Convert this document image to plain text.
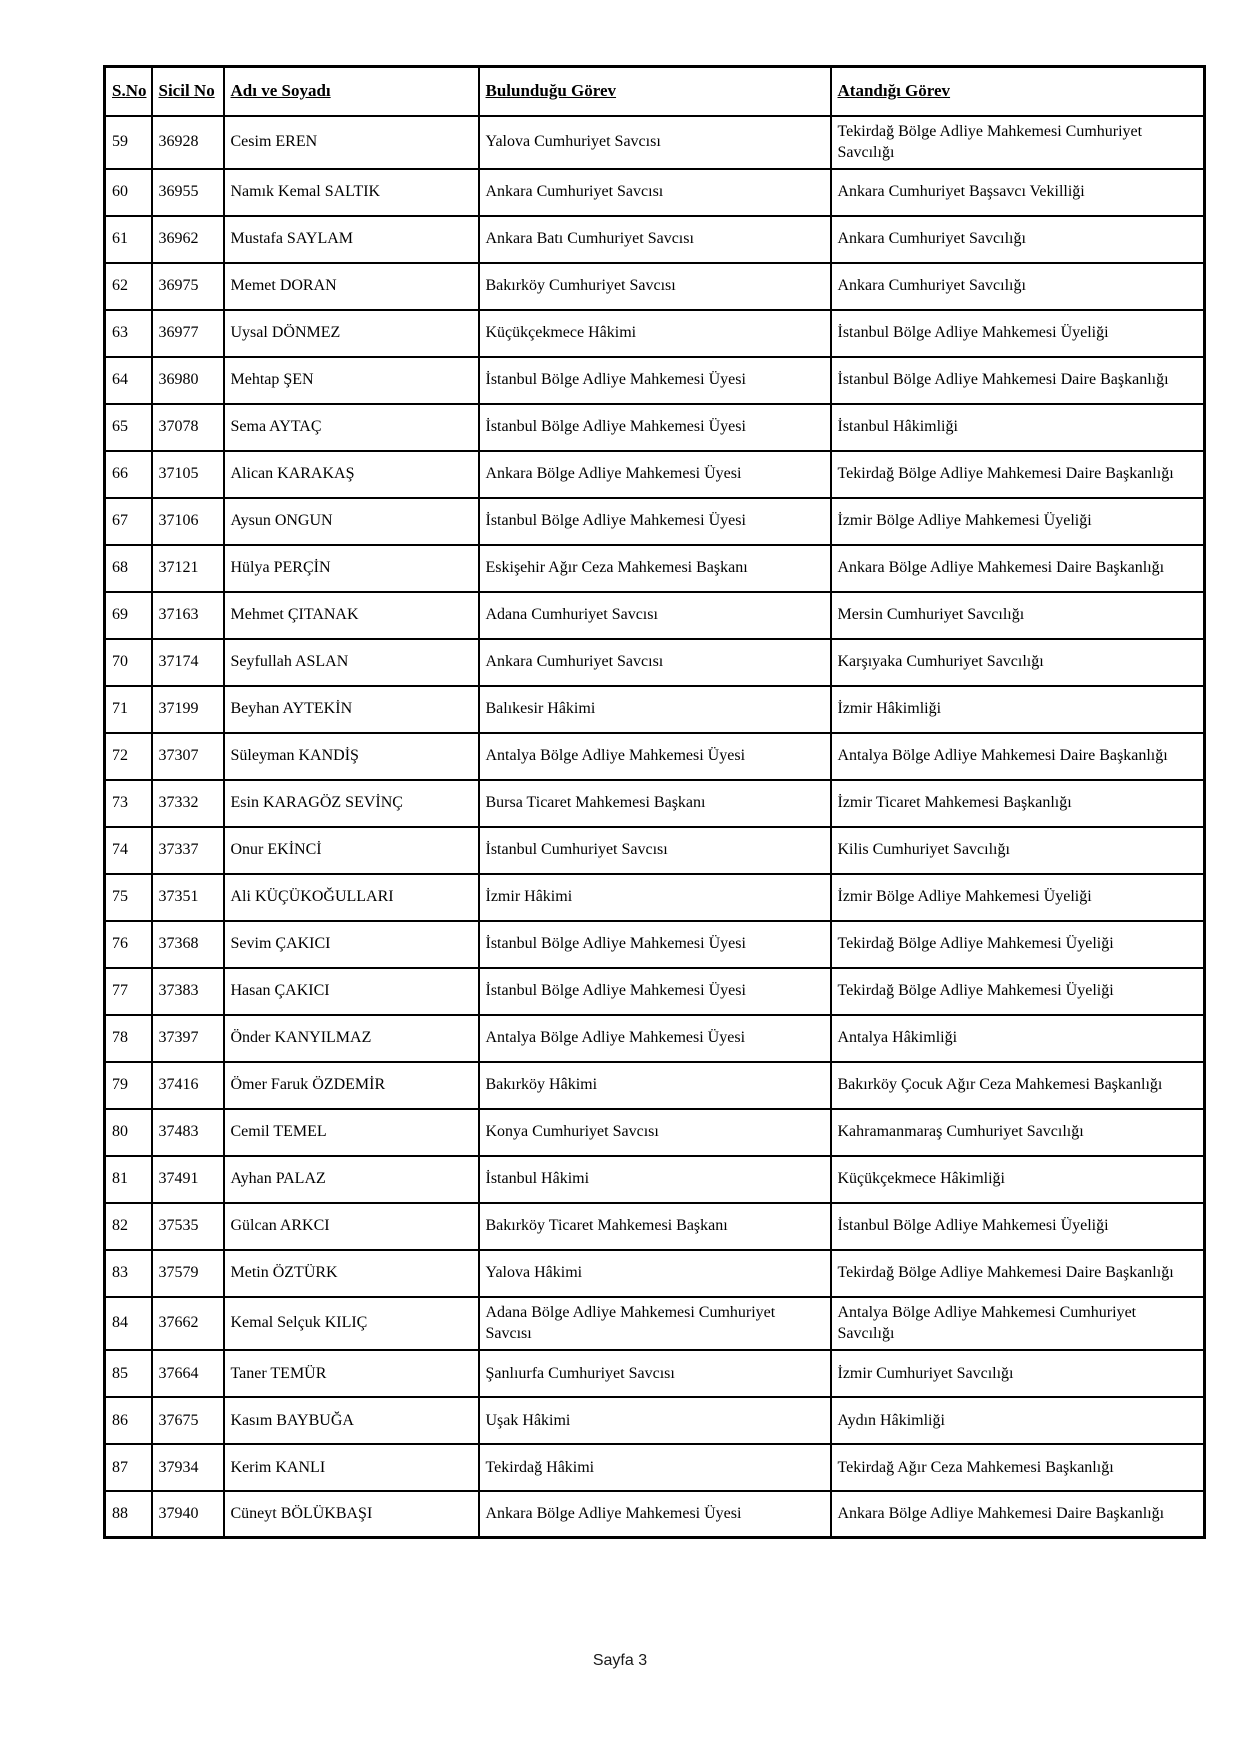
S.No	Sicil No	Adı ve Soyadı	Bulunduğu Görev	Atandığı Görev
59	36928	Cesim EREN	Yalova Cumhuriyet Savcısı	Tekirdağ Bölge Adliye Mahkemesi Cumhuriyet Savcılığı
60	36955	Namık Kemal SALTIK	Ankara Cumhuriyet Savcısı	Ankara Cumhuriyet Başsavcı Vekilliği
61	36962	Mustafa SAYLAM	Ankara Batı Cumhuriyet Savcısı	Ankara Cumhuriyet Savcılığı
62	36975	Memet DORAN	Bakırköy Cumhuriyet Savcısı	Ankara Cumhuriyet Savcılığı
63	36977	Uysal DÖNMEZ	Küçükçekmece Hâkimi	İstanbul Bölge Adliye Mahkemesi Üyeliği
64	36980	Mehtap ŞEN	İstanbul Bölge Adliye Mahkemesi Üyesi	İstanbul Bölge Adliye Mahkemesi Daire Başkanlığı
65	37078	Sema AYTAÇ	İstanbul Bölge Adliye Mahkemesi Üyesi	İstanbul Hâkimliği
66	37105	Alican KARAKAŞ	Ankara Bölge Adliye Mahkemesi Üyesi	Tekirdağ Bölge Adliye Mahkemesi Daire Başkanlığı
67	37106	Aysun ONGUN	İstanbul Bölge Adliye Mahkemesi Üyesi	İzmir Bölge Adliye Mahkemesi Üyeliği
68	37121	Hülya PERÇİN	Eskişehir Ağır Ceza Mahkemesi Başkanı	Ankara Bölge Adliye Mahkemesi Daire Başkanlığı
69	37163	Mehmet ÇITANAK	Adana Cumhuriyet Savcısı	Mersin Cumhuriyet Savcılığı
70	37174	Seyfullah ASLAN	Ankara Cumhuriyet Savcısı	Karşıyaka Cumhuriyet Savcılığı
71	37199	Beyhan AYTEKİN	Balıkesir Hâkimi	İzmir Hâkimliği
72	37307	Süleyman KANDİŞ	Antalya Bölge Adliye Mahkemesi Üyesi	Antalya Bölge Adliye Mahkemesi Daire Başkanlığı
73	37332	Esin KARAGÖZ SEVİNÇ	Bursa Ticaret Mahkemesi Başkanı	İzmir Ticaret Mahkemesi Başkanlığı
74	37337	Onur EKİNCİ	İstanbul Cumhuriyet Savcısı	Kilis Cumhuriyet Savcılığı
75	37351	Ali KÜÇÜKOĞULLARI	İzmir Hâkimi	İzmir Bölge Adliye Mahkemesi Üyeliği
76	37368	Sevim ÇAKICI	İstanbul Bölge Adliye Mahkemesi Üyesi	Tekirdağ Bölge Adliye Mahkemesi Üyeliği
77	37383	Hasan ÇAKICI	İstanbul Bölge Adliye Mahkemesi Üyesi	Tekirdağ Bölge Adliye Mahkemesi Üyeliği
78	37397	Önder KANYILMAZ	Antalya Bölge Adliye Mahkemesi Üyesi	Antalya Hâkimliği
79	37416	Ömer Faruk ÖZDEMİR	Bakırköy Hâkimi	Bakırköy Çocuk Ağır Ceza Mahkemesi Başkanlığı
80	37483	Cemil TEMEL	Konya Cumhuriyet Savcısı	Kahramanmaraş Cumhuriyet Savcılığı
81	37491	Ayhan PALAZ	İstanbul Hâkimi	Küçükçekmece Hâkimliği
82	37535	Gülcan ARKCI	Bakırköy Ticaret Mahkemesi Başkanı	İstanbul Bölge Adliye Mahkemesi Üyeliği
83	37579	Metin ÖZTÜRK	Yalova Hâkimi	Tekirdağ Bölge Adliye Mahkemesi Daire Başkanlığı
84	37662	Kemal Selçuk KILIÇ	Adana Bölge Adliye Mahkemesi Cumhuriyet Savcısı	Antalya Bölge Adliye Mahkemesi Cumhuriyet Savcılığı
85	37664	Taner TEMÜR	Şanlıurfa Cumhuriyet Savcısı	İzmir Cumhuriyet Savcılığı
86	37675	Kasım BAYBUĞA	Uşak Hâkimi	Aydın Hâkimliği
87	37934	Kerim KANLI	Tekirdağ Hâkimi	Tekirdağ Ağır Ceza Mahkemesi Başkanlığı
88	37940	Cüneyt BÖLÜKBAŞI	Ankara Bölge Adliye Mahkemesi Üyesi	Ankara Bölge Adliye Mahkemesi Daire Başkanlığı
Sayfa 3
